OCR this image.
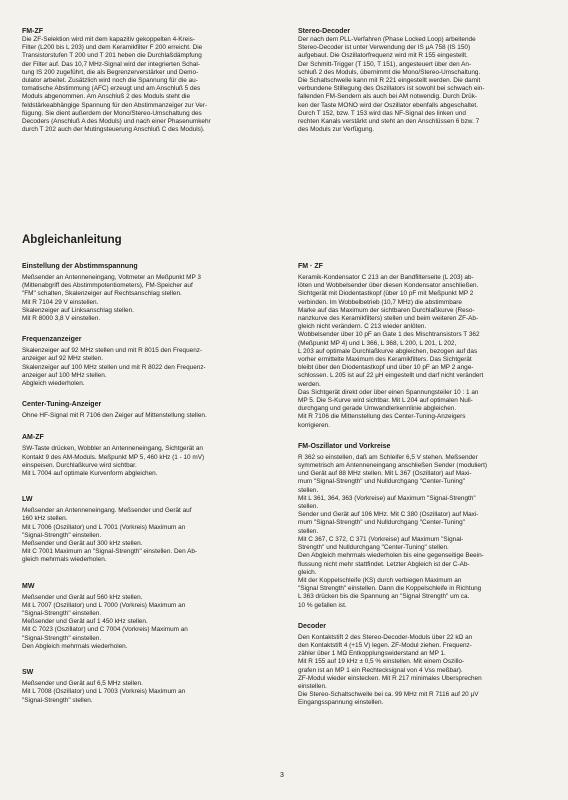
FM-ZF

Die ZF-Selektion wird mit dem kapazitiv gekoppelten 4-Kreis-
Filter (L200 bis L 203) und dem Keramikfilter F 200 erreicht. Die
Transistorstufen T 200 und T 201 heben die Durchlaßdämpfung
der Filter auf. Das 10,7 MHz-Signal wird der integrierten Schal-
tung IS 200 zugeführt, die als Begrenzerverstärker und Demo-
dulator arbeitet. Zusätzlich wird noch die Spannung für die au-
tomatische Abstimmung (AFC) erzeugt und am Anschluß 5 des
Moduls abgenommen. Am Anschluß 2 des Moduls steht die
feldstärkeabhängige Spannung für den Abstimmanzeiger zur Ver-
fügung. Sie dient außerdem der Mono/Stereo-Umschaltung des
Decoders (Anschluß A des Moduls) und nach einer Phasenumkehr
durch T 202 auch der Mutingsteuerung Anschluß C des Moduls).

Stereo-Decoder

Der nach dem PLL-Verfahren (Phase Locked Loop) arbeitende
Stereo-Decoder ist unter Verwendung der IS µA 758 (IS 150)
aufgebaut. Die Oszillatorfrequenz wird mit R 155 eingestellt.
Der Schmitt-Trigger (T 150, T 151), angesteuert über den An-
schluß 2 des Moduls, übernimmt die Mono/Stereo-Umschaltung.
Die Schaltschwelle kann mit R 221 eingestellt werden. Die damit
verbundene Stillegung des Oszillators ist sowohl bei schwach ein-
fallenden FM-Sendern als auch bei AM notwendig. Durch Drük-
ken der Taste MONO wird der Oszillator ebenfalls abgeschaltet.
Durch T 152, bzw. T 153 wird das NF-Signal des linken und
rechten Kanals verstärkt und steht an den Anschlüssen 6 bzw. 7
des Moduls zur Verfügung.

Abgleichanleitung
Einstellung der Abstimmspannung

Meßsender an Antenneneingang, Voltmeter an Meßpunkt MP 3
(Mittenabgriff des Abstimmpotentiometers), FM-Speicher auf
"FM" schalten, Skalenzeiger auf Rechtsanschlag stellen.
Mit R 7104 29 V einstellen.
Skalenzeiger auf Linksanschlag stellen.
Mit R 8000 3,8 V einstellen.

Frequenzanzeiger

Skalenzeiger auf 92 MHz stellen und mit R 8015 den Frequenz-
anzeiger auf 92 MHz stellen.
Skalenzeiger auf 100 MHz stellen und mit R 8022 den Frequenz-
anzeiger auf 100 MHz stellen.
Abgleich wiederholen.

Center-Tuning-Anzeiger

Ohne HF-Signal mit R 7106 den Zeiger auf Mittenstellung stellen.

AM-ZF

SW-Taste drücken, Wobbler an Antenneneingang, Sichtgerät an
Kontakt 9 des AM-Moduls. Meßpunkt MP 5, 460 kHz (1 - 10 mV)
einspeisen. Durchlaßkurve wird sichtbar.
Mit L 7004 auf optimale Kurvenform abgleichen.

LW

Meßsender an Antenneneingang. Meßsender und Gerät auf
160 kHz stellen.
Mit L 7006 (Oszillator) und L 7001 (Vorkreis) Maximum an
"Signal-Strength" einstellen.
Meßsender und Gerät auf 300 kHz stellen.
Mit C 7001 Maximum an "Signal-Strength" einstellen. Den Ab-
gleich mehrmals wiederholen.

MW

Meßsender und Gerät auf 560 kHz stellen.
Mit L 7007 (Oszillator) und L 7000 (Vorkreis) Maximum an
"Signal-Strength" einstellen.
Meßsender und Gerät auf 1 450 kHz stellen.
Mit C 7023 (Oszillator) und C 7004 (Vorkreis) Maximum an
"Signal-Strength" einstellen.
Den Abgleich mehrmals wiederholen.

SW

Meßsender und Gerät auf 6,5 MHz stellen.
Mit L 7008 (Oszillator) und L 7003 (Vorkreis) Maximum an
"Signal-Strength" stellen.

FM · ZF

Keramik-Kondensator C 213 an der Bandfilterseite (L 203) ab-
löten und Wobbelsender über diesen Kondensator anschließen.
Sichtgerät mit Diodentastkopf (über 10 pF mit Meßpunkt MP 2
verbinden. Im Wobbelbetrieb (10,7 MHz) die abstimmbare
Marke auf das Maximum der sichtbaren Durchlaßkurve (Reso-
nanzkurve des Keramikfilters) stellen und beim weiteren ZF-Ab-
gleich nicht verändern. C 213 wieder anlöten.
Wobbelsender über 10 pF an Gate 1 des Mischtransistors T 362
(Meßpunkt MP 4) und L 366, L 368, L 200, L 201, L 202,
L 203 auf optimale Durchlaßkurve abgleichen, bezogen auf das
vorher ermittelte Maximum des Keramikfilters. Das Sichtgerät
bleibt über den Diodentastkopf und über 10 pF an MP 2 ange-
schlossen. L 205 ist auf 22 µH eingestellt und darf nicht verändert
werden.
Das Sichtgerät direkt oder über einen Spannungsteiler 10 : 1 an
MP 5. Die S-Kurve wird sichtbar. Mit L 204 auf optimalen Null-
durchgang und gerade Umwandlerkennlinie abgleichen.
Mit R 7106 die Mittenstellung des Center-Tuning-Anzeigers
korrigieren.

FM-Oszillator und Vorkreise

R 362 so einstellen, daß am Schleifer 6,5 V stehen. Meßsender
symmetrisch am Antenneneingang anschließen Sender (moduliert)
und Gerät auf 88 MHz stellen. Mit L 367 (Oszillator) auf Maxi-
mum "Signal-Strength" und Nulldurchgang "Center-Tuning"
stellen.
Mit L 361, 364, 363 (Vorkreise) auf Maximum "Signal-Strength"
stellen.
Sender und Gerät auf 106 MHz. Mit C 380 (Oszillator) auf Maxi-
mum "Signal-Strength" und Nulldurchgang "Center-Tuning"
stellen.
Mit C 367, C 372, C 371 (Vorkreise) auf Maximum "Signal-
Strength" und Nulldurchgang "Center-Tuning" stellen.
Den Abgleich mehrmals wiederholen bis eine gegenseitige Beein-
flussung nicht mehr stattfindet. Letzter Abgleich ist der C-Ab-
gleich.
Mit der Koppelschleife (KS) durch verbiegen Maximum an
"Signal Strength" einstellen. Dann die Koppelschleife in Richtung
L 363 drücken bis die Spannung an "Signal Strength" um ca.
10 % gefallen ist.

Decoder

Den Kontaktstift 2 des Stereo-Decoder-Moduls über 22 kΩ an
den Kontaktstift 4 (+15 V) legen. ZF-Modul ziehen. Frequenz-
zähler über 1 MΩ Entkopplungswiderstand an MP 1.
Mit R 155 auf 19 kHz ± 0,5 % einstellen. Mit einem Oszillo-
grafen ist an MP 1 ein Rechtecksignal von 4 Vss meßbar).
ZF-Modul wieder einstecken. Mit R 217 minimales Übersprechen
einstellen.
Die Stereo-Schaltschwelle bei ca. 99 MHz mit R 7116 auf 20 µV
Eingangsspannung einstellen.

3
